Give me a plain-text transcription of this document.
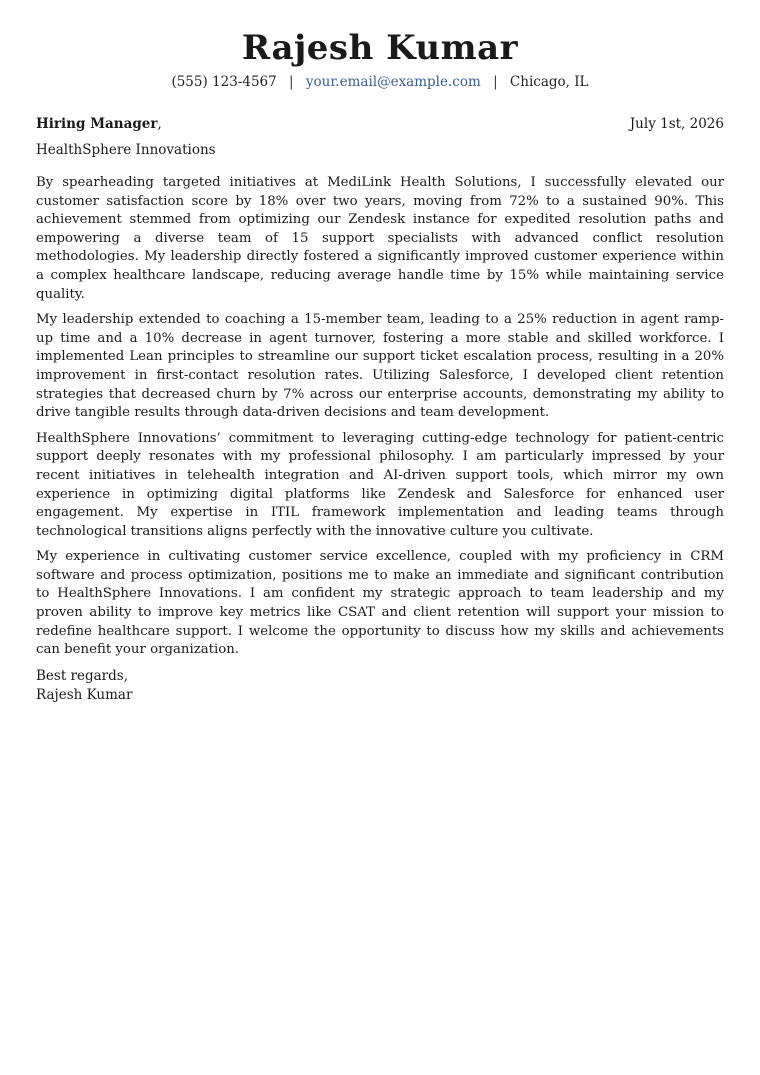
Rajesh Kumar
(555) 123-4567 | your.email@example.com | Chicago, IL
Hiring Manager,	July 1st, 2026
HealthSphere Innovations

By spearheading targeted initiatives at MediLink Health Solutions, I successfully elevated our customer satisfaction score by 18% over two years, moving from 72% to a sustained 90%. This achievement stemmed from optimizing our Zendesk instance for expedited resolution paths and empowering a diverse team of 15 support specialists with advanced conflict resolution methodologies. My leadership directly fostered a significantly improved customer experience within a complex healthcare landscape, reducing average handle time by 15% while maintaining service quality.

My leadership extended to coaching a 15-member team, leading to a 25% reduction in agent ramp-up time and a 10% decrease in agent turnover, fostering a more stable and skilled workforce. I implemented Lean principles to streamline our support ticket escalation process, resulting in a 20% improvement in first-contact resolution rates. Utilizing Salesforce, I developed client retention strategies that decreased churn by 7% across our enterprise accounts, demonstrating my ability to drive tangible results through data-driven decisions and team development.

HealthSphere Innovations’ commitment to leveraging cutting-edge technology for patient-centric support deeply resonates with my professional philosophy. I am particularly impressed by your recent initiatives in telehealth integration and AI-driven support tools, which mirror my own experience in optimizing digital platforms like Zendesk and Salesforce for enhanced user engagement. My expertise in ITIL framework implementation and leading teams through technological transitions aligns perfectly with the innovative culture you cultivate.

My experience in cultivating customer service excellence, coupled with my proficiency in CRM software and process optimization, positions me to make an immediate and significant contribution to HealthSphere Innovations. I am confident my strategic approach to team leadership and my proven ability to improve key metrics like CSAT and client retention will support your mission to redefine healthcare support. I welcome the opportunity to discuss how my skills and achievements can benefit your organization.

Best regards,
Rajesh Kumar
